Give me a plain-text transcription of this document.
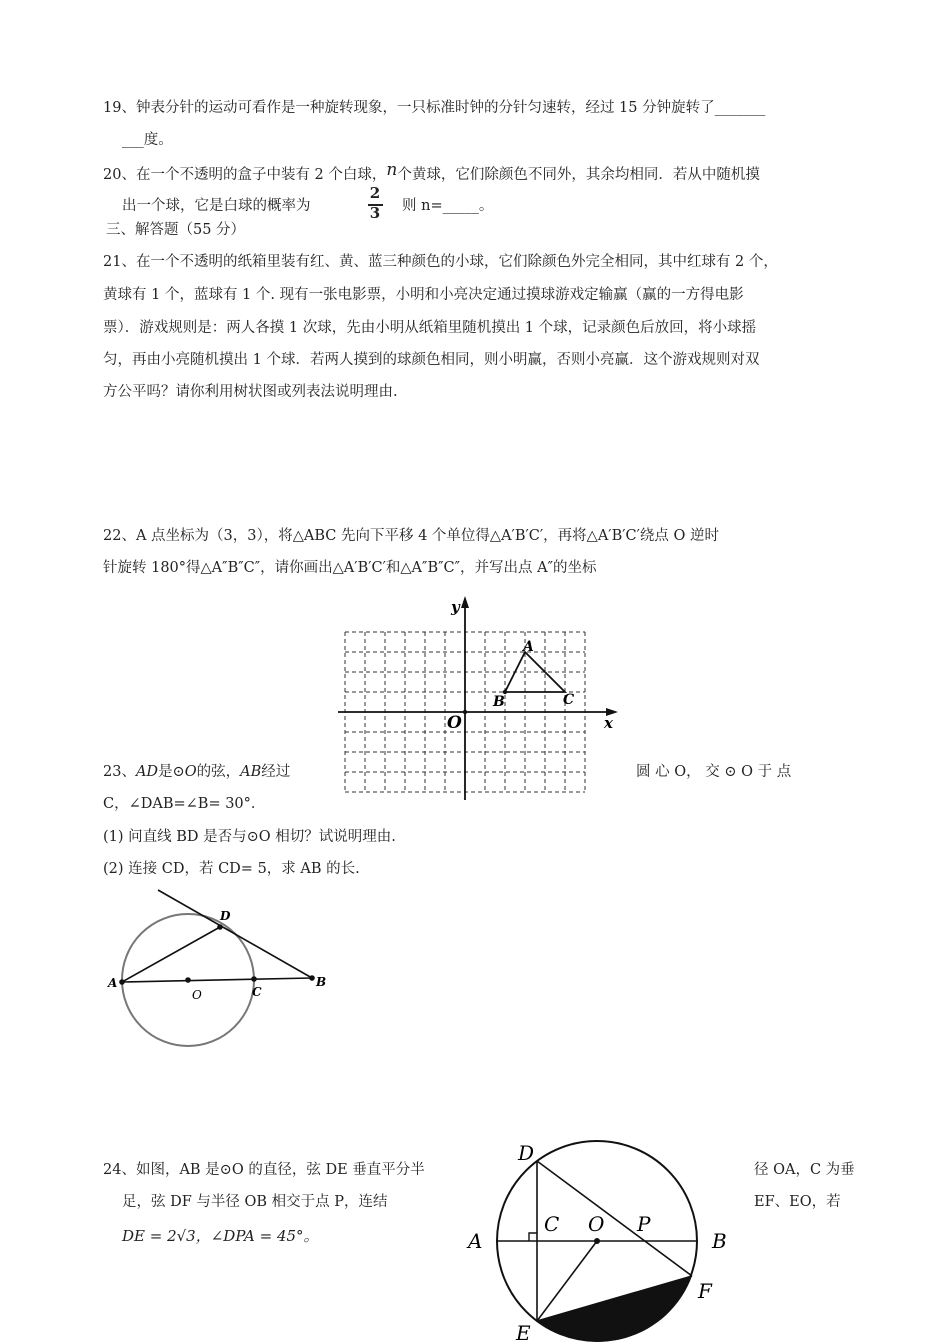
19、钟表分针的运动可看作是一种旋转现象，一只标准时钟的分针匀速转，经过 15 分钟旋转了_______
___度。
20、在一个不透明的盒子中装有 2 个白球，n个黄球，它们除颜色不同外，其余均相同．若从中随机摸
出一个球，它是白球的概率为
2
3 则 n=_____。
三、解答题（55 分）
21、在一个不透明的纸箱里装有红、黄、蓝三种颜色的小球，它们除颜色外完全相同，其中红球有 2 个，
黄球有 1 个，蓝球有 1 个. 现有一张电影票，小明和小亮决定通过摸球游戏定输赢（赢的一方得电影
票）．游戏规则是：两人各摸 1 次球，先由小明从纸箱里随机摸出 1 个球，记录颜色后放回，将小球摇
匀，再由小亮随机摸出 1 个球．若两人摸到的球颜色相同，则小明赢，否则小亮赢．这个游戏规则对双
方公平吗？请你利用树状图或列表法说明理由.
22、A 点坐标为（3，3），将△ABC 先向下平移 4 个单位得△A′B′C′，再将△A′B′C′绕点 O 逆时
针旋转 180°得△A″B″C″，请你画出△A′B′C′和△A″B″C″，并写出点 A″的坐标
y
x
O
A
B	C
23、AD是⊙O的弦，AB经过	圆 心 O， 交 ⊙ O 于 点
C，∠DAB=∠B= 30°．
(1) 问直线 BD 是否与⊙O 相切？试说明理由.
(2) 连接 CD，若 CD= 5，求 AB 的长.
A
O	C
B
D
24、如图，AB 是⊙O 的直径，弦 DE 垂直平分半	径 OA，C 为垂
足，弦 DF 与半径 OB 相交于点 P，连结	EF、EO，若
DE = 2√3，∠DPA = 45°。	A	B
C
D
E
F
O P
